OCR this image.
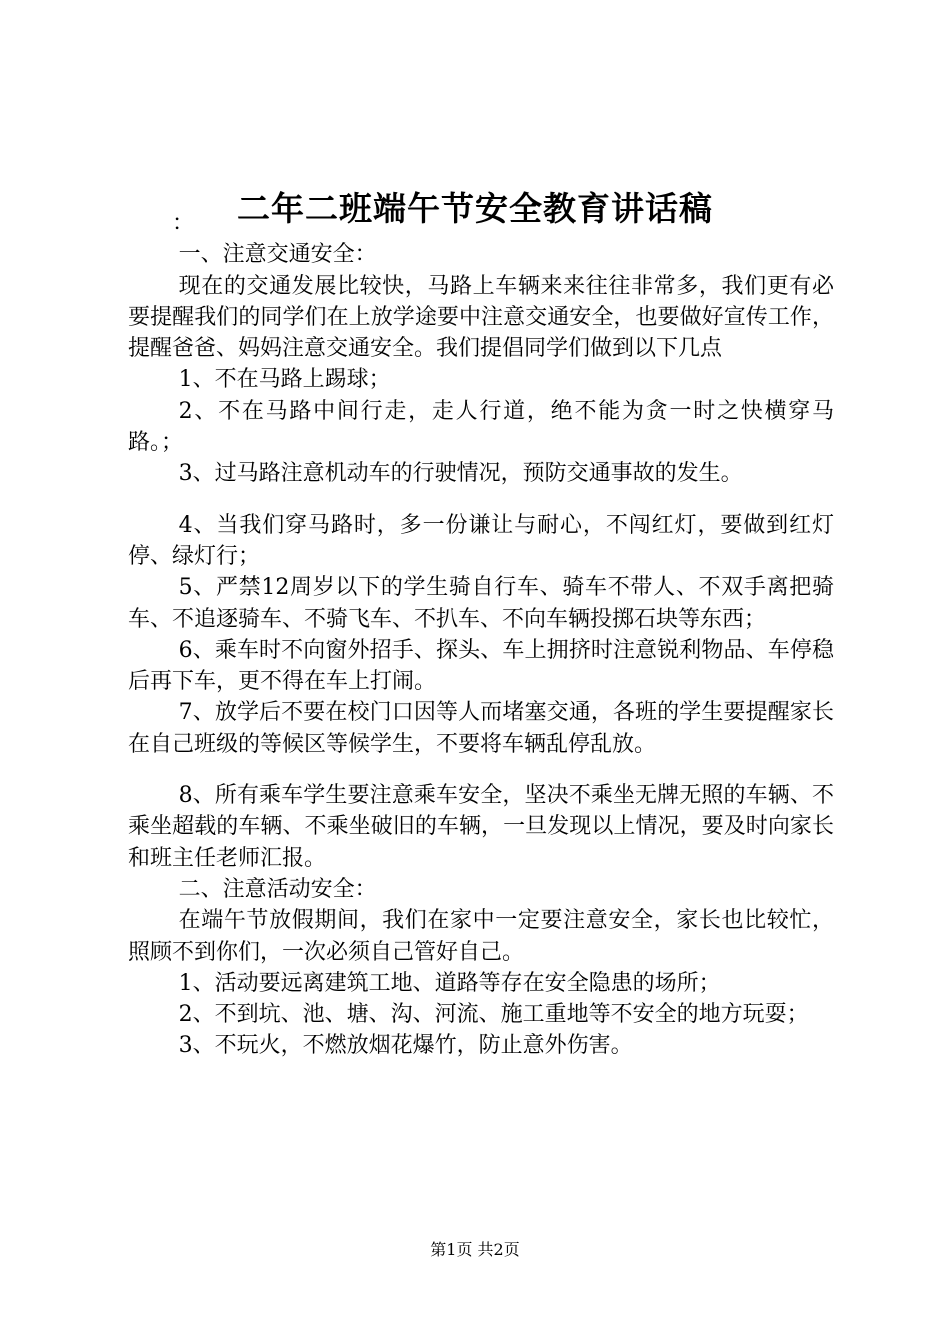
二年二班端午节安全教育讲话稿

：

一、注意交通安全：

现在的交通发展比较快，马路上车辆来来往往非常多，我们更有必要提醒我们的同学们在上放学途要中注意交通安全，也要做好宣传工作，提醒爸爸、妈妈注意交通安全。我们提倡同学们做到以下几点

1、不在马路上踢球；

2、不在马路中间行走，走人行道，绝不能为贪一时之快横穿马路。；

3、过马路注意机动车的行驶情况，预防交通事故的发生。

4、当我们穿马路时，多一份谦让与耐心，不闯红灯，要做到红灯停、绿灯行；

5、严禁12周岁以下的学生骑自行车、骑车不带人、不双手离把骑车、不追逐骑车、不骑飞车、不扒车、不向车辆投掷石块等东西；

6、乘车时不向窗外招手、探头、车上拥挤时注意锐利物品、车停稳后再下车，更不得在车上打闹。

7、放学后不要在校门口因等人而堵塞交通，各班的学生要提醒家长在自己班级的等候区等候学生，不要将车辆乱停乱放。

8、所有乘车学生要注意乘车安全，坚决不乘坐无牌无照的车辆、不乘坐超载的车辆、不乘坐破旧的车辆，一旦发现以上情况，要及时向家长和班主任老师汇报。

二、注意活动安全：

在端午节放假期间，我们在家中一定要注意安全，家长也比较忙，照顾不到你们，一次必须自己管好自己。

1、活动要远离建筑工地、道路等存在安全隐患的场所；

2、不到坑、池、塘、沟、河流、施工重地等不安全的地方玩耍；

3、不玩火，不燃放烟花爆竹，防止意外伤害。

第1页 共2页
